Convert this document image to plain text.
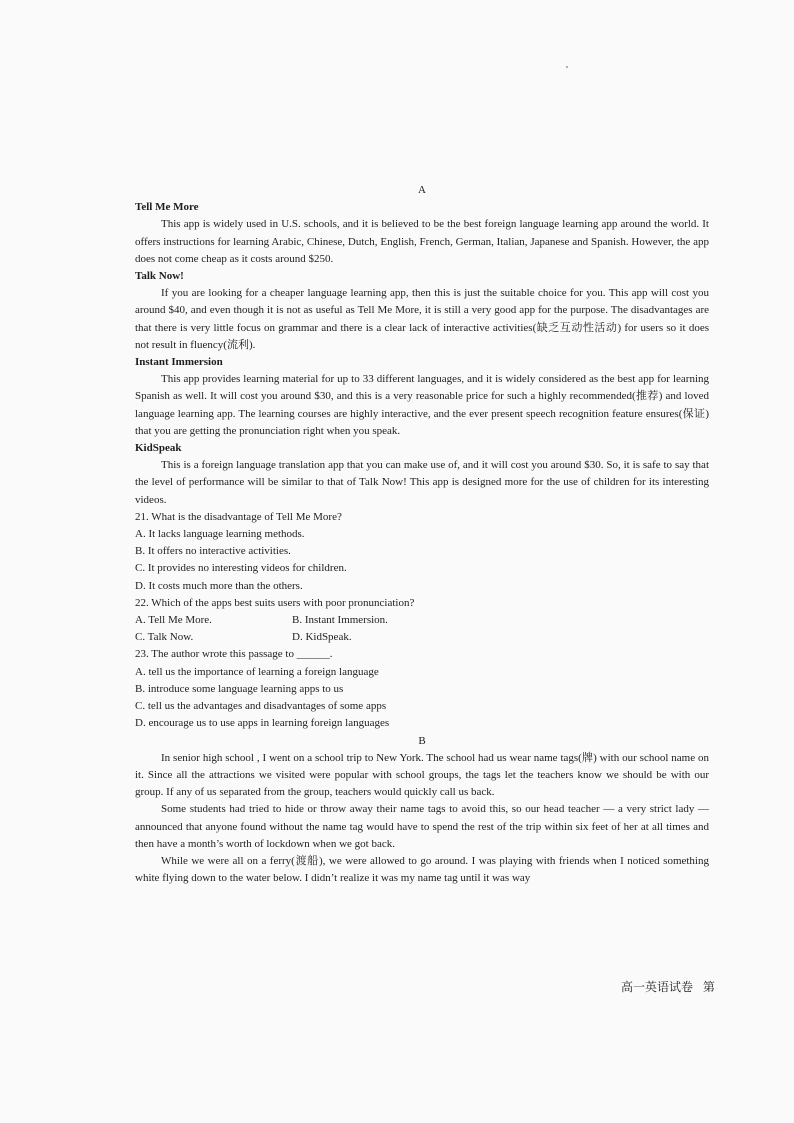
A

Tell Me More

This app is widely used in U.S. schools, and it is believed to be the best foreign language learning app around the world. It offers instructions for learning Arabic, Chinese, Dutch, English, French, German, Italian, Japanese and Spanish. However, the app does not come cheap as it costs around $250.

Talk Now!

If you are looking for a cheaper language learning app, then this is just the suitable choice for you. This app will cost you around $40, and even though it is not as useful as Tell Me More, it is still a very good app for the purpose. The disadvantages are that there is very little focus on grammar and there is a clear lack of interactive activities(缺乏互动性活动) for users so it does not result in fluency(流利).

Instant Immersion

This app provides learning material for up to 33 different languages, and it is widely considered as the best app for learning Spanish as well. It will cost you around $30, and this is a very reasonable price for such a highly recommended(推荐) and loved language learning app. The learning courses are highly interactive, and the ever present speech recognition feature ensures(保证) that you are getting the pronunciation right when you speak.

KidSpeak

This is a foreign language translation app that you can make use of, and it will cost you around $30. So, it is safe to say that the level of performance will be similar to that of Talk Now! This app is designed more for the use of children for its interesting videos.

21. What is the disadvantage of Tell Me More?

A. It lacks language learning methods.

B. It offers no interactive activities.

C. It provides no interesting videos for children.

D. It costs much more than the others.

22. Which of the apps best suits users with poor pronunciation?

A. Tell Me More.	B. Instant Immersion.
C. Talk Now.	D. KidSpeak.

23. The author wrote this passage to ______.

A. tell us the importance of learning a foreign language

B. introduce some language learning apps to us

C. tell us the advantages and disadvantages of some apps

D. encourage us to use apps in learning foreign languages

B

In senior high school , I went on a school trip to New York. The school had us wear name tags(牌) with our school name on it. Since all the attractions we visited were popular with school groups, the tags let the teachers know we should be with our group. If any of us separated from the group, teachers would quickly call us back.

Some students had tried to hide or throw away their name tags to avoid this, so our head teacher — a very strict lady — announced that anyone found without the name tag would have to spend the rest of the trip within six feet of her at all times and then have a month’s worth of lockdown when we got back.

While we were all on a ferry(渡船), we were allowed to go around. I was playing with friends when I noticed something white flying down to the water below. I didn’t realize it was my name tag until it was way

高一英语试卷 第
